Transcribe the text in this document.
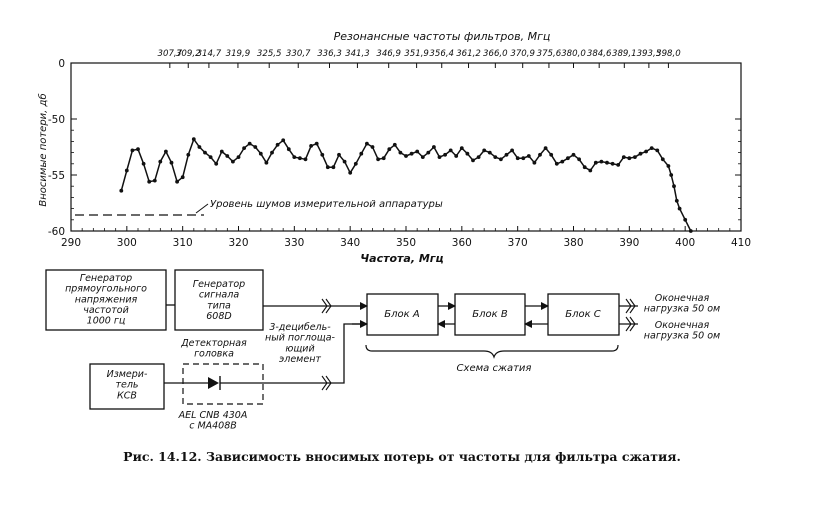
Резонансные частоты фильтров, Мгц
290	300	310	320	330	340	350	360	370	380	390	400	410
0
-50
-55
-60
307,7
309,2
314,7 319,9 325,5 330,7 336,3 341,3 346,9 351,9 356,4 361,2 366,0 370,9 375,6 380,0 384,6 389,1 393,5
398,0
Частота, Мгц
Вносимые потери, дб	Уровень шумов измерительной аппаратуры
Генератор прямоугольного напряжения частотой 1000 гц
Генератор сигнала типа 608D
Измери-тель КСВ
Детекторная головка
AEL CNB 430A с MA408B
3-децибель-ный поглоща-ющий элемент
Блок А	Блок В	Блок С
Оконечная нагрузка 50 ом
Оконечная нагрузка 50 ом
Схема сжатия
Рис. 14.12. Зависимость вносимых потерь от частоты для фильтра сжатия.
